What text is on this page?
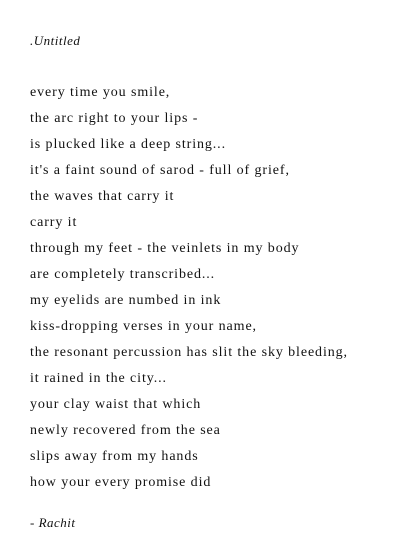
.Untitled
every time you smile,
the arc right to your lips -
is plucked like a deep string...
it's a faint sound of sarod - full of grief,
the waves that carry it
carry it
through my feet - the veinlets in my body
are completely transcribed...
my eyelids are numbed in ink
kiss-dropping verses in your name,
the resonant percussion has slit the sky bleeding,
it rained in the city...
your clay waist that which
newly recovered from the sea
slips away from my hands
how your every promise did
- Rachit
